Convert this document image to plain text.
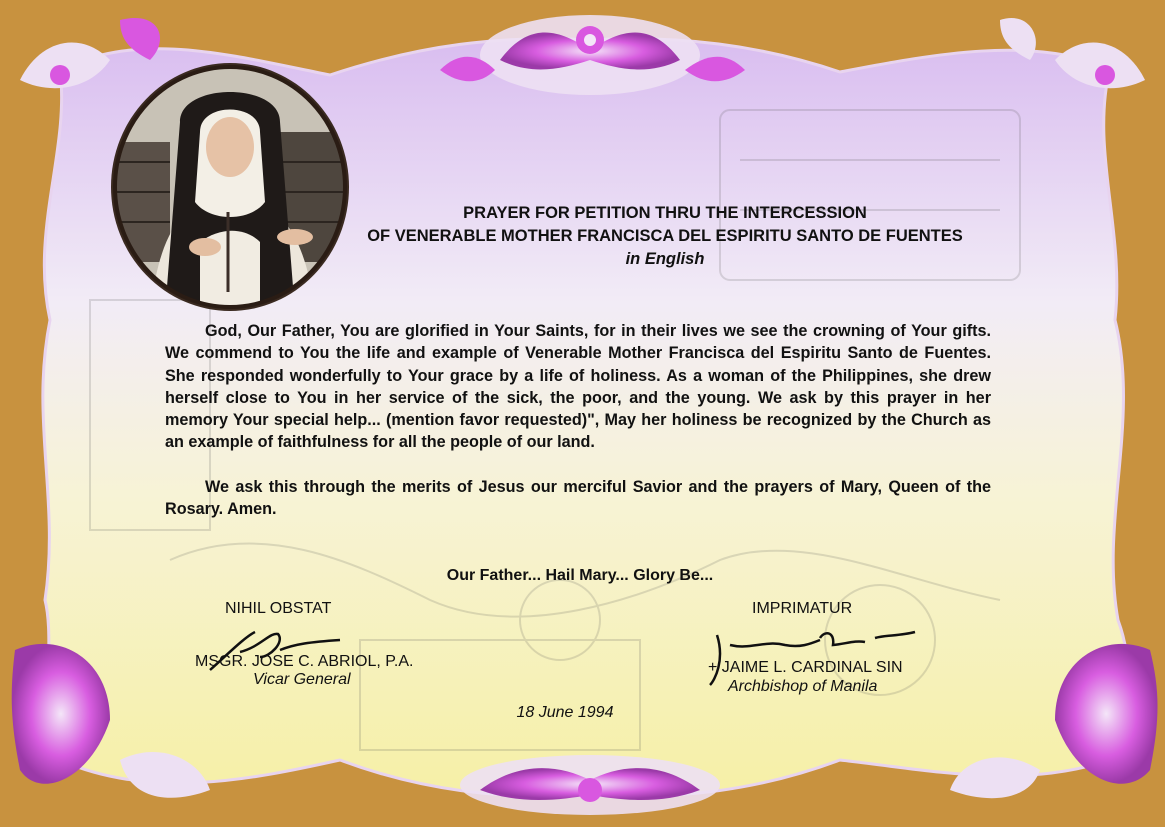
PRAYER FOR PETITION THRU THE INTERCESSION
OF VENERABLE MOTHER FRANCISCA DEL ESPIRITU SANTO DE FUENTES
in English

God, Our Father, You are glorified in Your Saints, for in their lives we see the crowning of Your gifts. We commend to You the life and example of Venerable Mother Francisca del Espiritu Santo de Fuentes. She responded wonderfully to Your grace by a life of holiness. As a woman of the Philippines, she drew herself close to You in her service of the sick, the poor, and the young. We ask by this prayer in her memory Your special help... (mention favor requested)", May her holiness be recognized by the Church as an example of faithfulness for all the people of our land.

We ask this through the merits of Jesus our merciful Savior and the prayers of Mary, Queen of the Rosary. Amen.

Our Father... Hail Mary... Glory Be...
NIHIL OBSTAT
MSGR. JOSE C. ABRIOL, P.A.
Vicar General
IMPRIMATUR
+ JAIME L. CARDINAL SIN
Archbishop of Manila
18 June 1994
